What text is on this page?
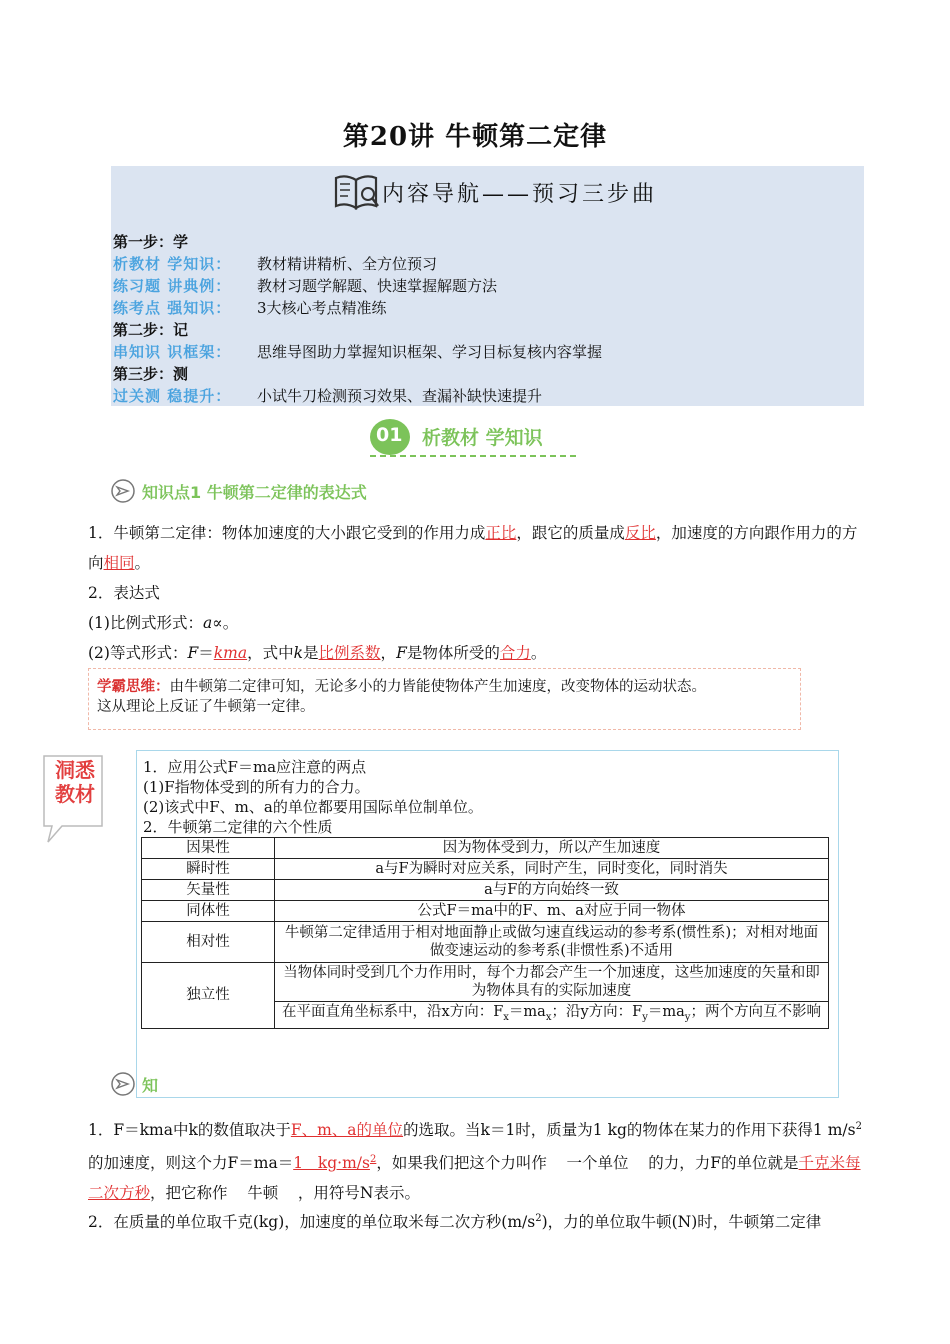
第20讲 牛顿第二定律
内容导航——预习三步曲
第一步：学
析教材 学知识： 教材精讲精析、全方位预习
练习题 讲典例： 教材习题学解题、快速掌握解题方法
练考点 强知识： 3大核心考点精准练
第二步：记
串知识 识框架： 思维导图助力掌握知识框架、学习目标复核内容掌握
第三步：测
过关测 稳提升： 小试牛刀检测预习效果、查漏补缺快速提升
01 析教材 学知识
知识点1 牛顿第二定律的表达式
1．牛顿第二定律：物体加速度的大小跟它受到的作用力成正比，跟它的质量成反比，加速度的方向跟作用力的方向相同。
2．表达式
(1)比例式形式：a∝。
(2)等式形式：F＝kma，式中k是比例系数，F是物体所受的合力。
学霸思维：由牛顿第二定律可知，无论多小的力皆能使物体产生加速度，改变物体的运动状态。
这从理论上反证了牛顿第一定律。
洞悉教材
1．应用公式F＝ma应注意的两点
(1)F指物体受到的所有力的合力。
(2)该式中F、m、a的单位都要用国际单位制单位。
2．牛顿第二定律的六个性质
因果性	因为物体受到力，所以产生加速度
瞬时性	a与F为瞬时对应关系，同时产生，同时变化，同时消失
矢量性	a与F的方向始终一致
同体性	公式F＝ma中的F、m、a对应于同一物体
相对性	牛顿第二定律适用于相对地面静止或做匀速直线运动的参考系(惯性系)；对相对地面做变速运动的参考系(非惯性系)不适用
独立性	当物体同时受到几个力作用时，每个力都会产生一个加速度，这些加速度的矢量和即为物体具有的实际加速度
	在平面直角坐标系中，沿x方向：$F_x=ma_x$；沿y方向：$F_y=ma_y$；两个方向互不影响
知
1．F＝kma中k的数值取决于F、m、a的单位的选取。当k＝1时，质量为1 kg的物体在某力的作用下获得1 $m/s^2$的加速度，则这个力F＝ma＝1   $kg\cdot m/s^2$，如果我们把这个力叫作    一个单位    的力，力F的单位就是千克米每二次方秒，把它称作    牛顿    ，用符号N表示。
2．在质量的单位取千克(kg)，加速度的单位取米每二次方秒$(m/s^2)$，力的单位取牛顿(N)时，牛顿第二定律
